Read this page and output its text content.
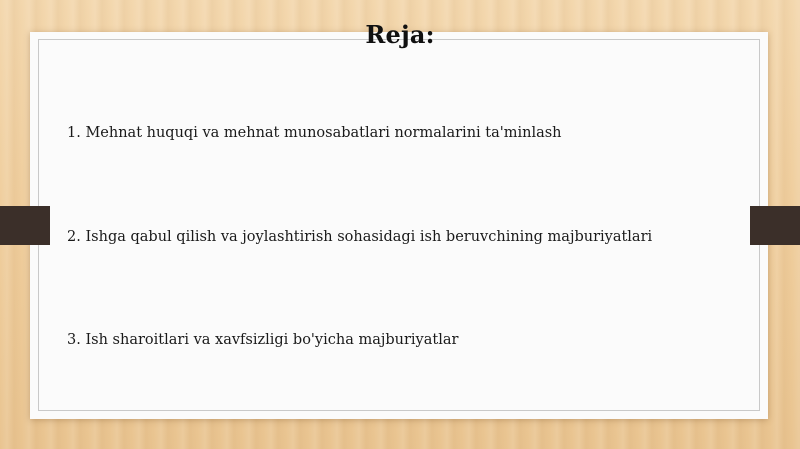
Reja:
1. Mehnat huquqi va mehnat munosabatlari normalarini ta'minlash
2. Ishga qabul qilish va joylashtirish sohasidagi ish beruvchining majburiyatlari
3. Ish sharoitlari va xavfsizligi bo'yicha majburiyatlar
